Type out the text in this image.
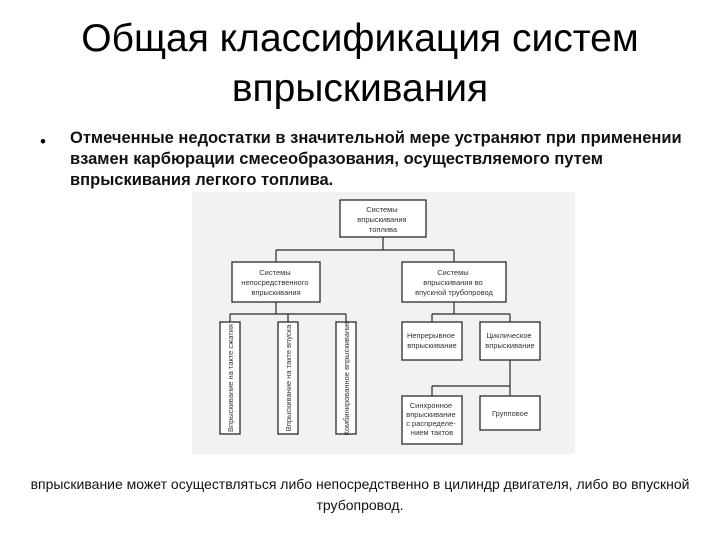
Общая классификация систем впрыскивания
• Отмеченные недостатки в значительной мере устраняют при применении взамен карбюрации смесеобразования, осуществляемого путем впрыскивания легкого топлива.
Системы впрыскивания топлива
Системы непосредственного впрыскивания
Системы впрыскивания во впускной трубопровод
Впрыскивание на такте сжатия	Впрыскивание на такте впуска	Комбинированное впрыскивание	Непрерывное впрыскивание
Циклическое впрыскивание
Синхронное впрыскивание с распределе- нием тактов
Групповое
впрыскивание может осуществляться либо непосредственно в цилиндр двигателя, либо во впускной трубопровод.
